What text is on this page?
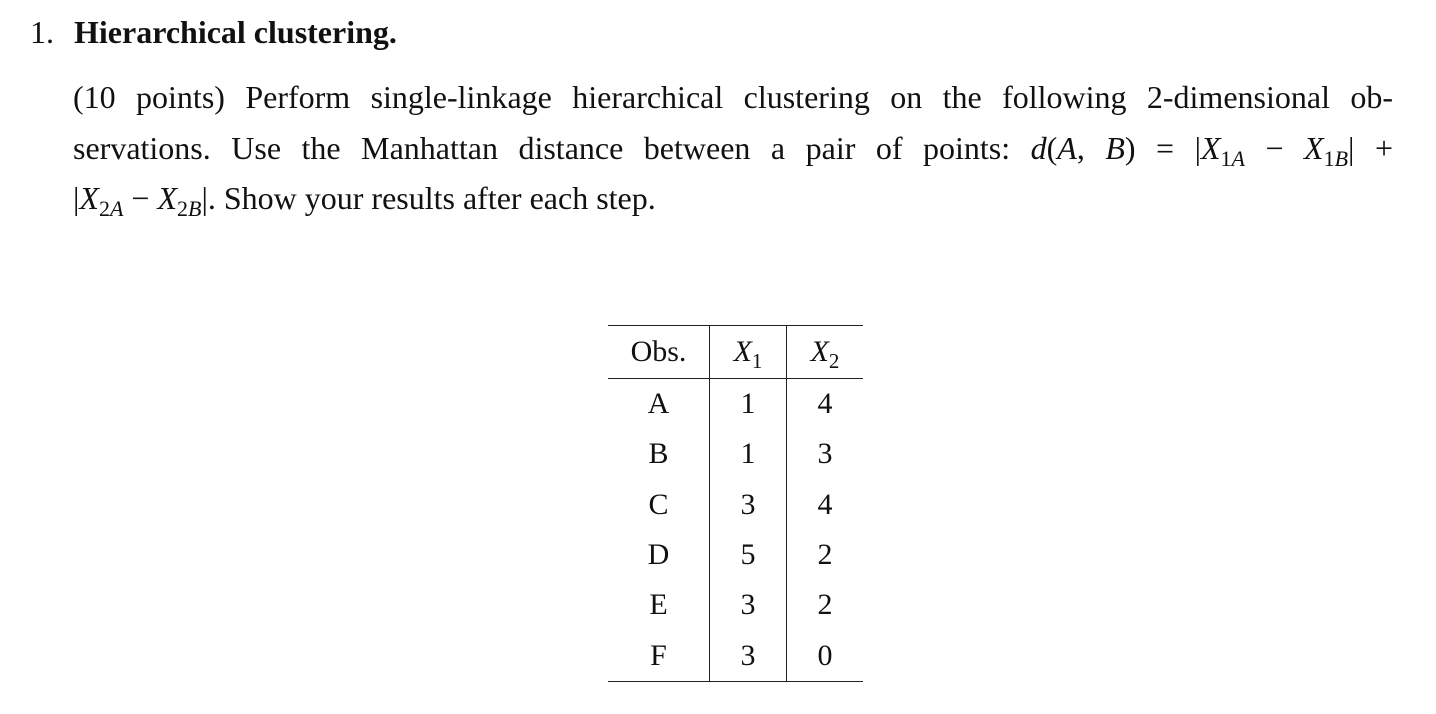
1. Hierarchical clustering.
(10 points) Perform single-linkage hierarchical clustering on the following 2-dimensional ob-
servations. Use the Manhattan distance between a pair of points: d(A, $B) = |X_{1A} - X_{1B}|$ +
$|X_{2A} - X_{2B}|$. Show your results after each step.
Obs.	$X_1$	$X_2$
A	1	4
B	1	3
C	3	4
D	5	2
E	3	2
F	3	0
